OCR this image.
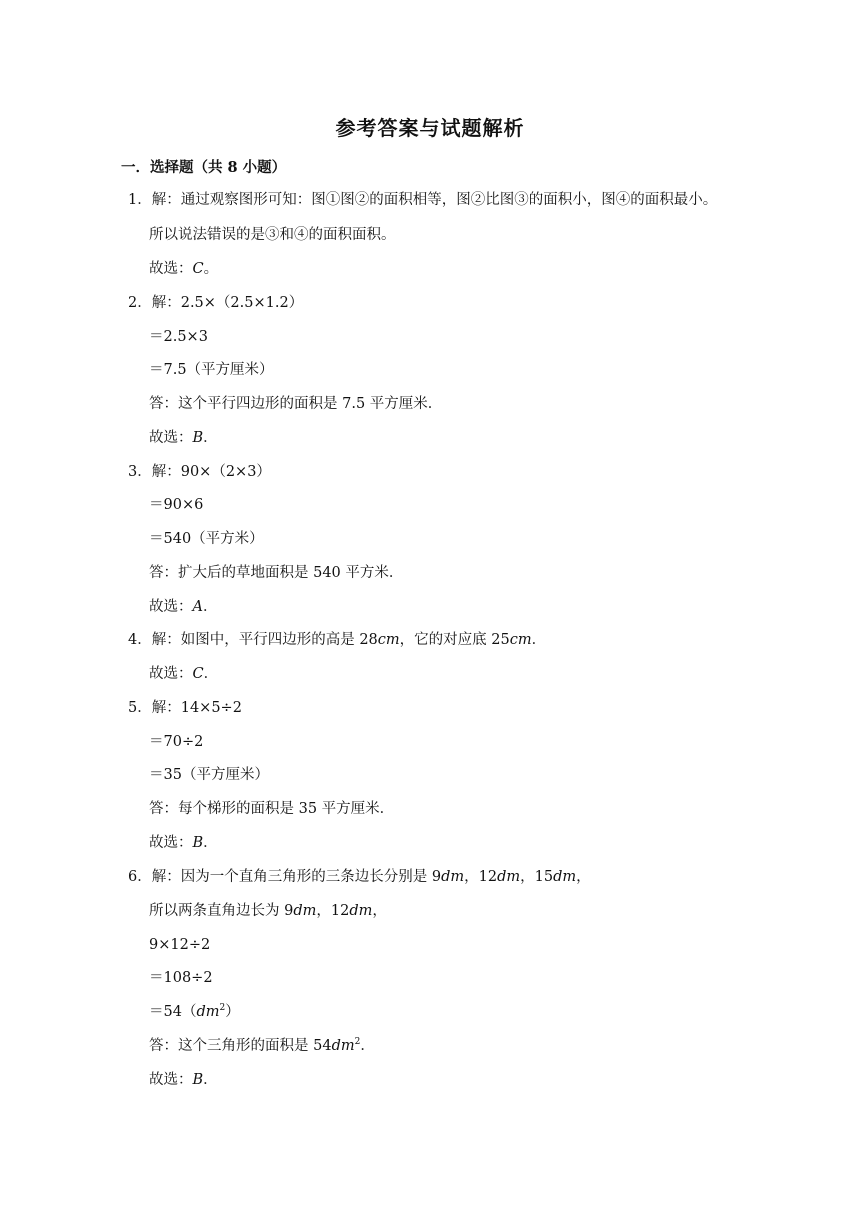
参考答案与试题解析
一．选择题（共 8 小题）
1．解：通过观察图形可知：图①图②的面积相等，图②比图③的面积小，图④的面积最小。
所以说法错误的是③和④的面积面积。
故选：C。
2．解：2.5×（2.5×1.2）
＝2.5×3
＝7.5（平方厘米）
答：这个平行四边形的面积是 7.5 平方厘米．
故选：B．
3．解：90×（2×3）
＝90×6
＝540（平方米）
答：扩大后的草地面积是 540 平方米．
故选：A．
4．解：如图中，平行四边形的高是 28cm，它的对应底 25cm．
故选：C．
5．解：14×5÷2
＝70÷2
＝35（平方厘米）
答：每个梯形的面积是 35 平方厘米．
故选：B．
6．解：因为一个直角三角形的三条边长分别是 9dm，12dm，15dm，
所以两条直角边长为 9dm，12dm，
9×12÷2
＝108÷2
$=54(dm^2)$
答：这个三角形的面积是 $54dm^2$．
故选：B．
